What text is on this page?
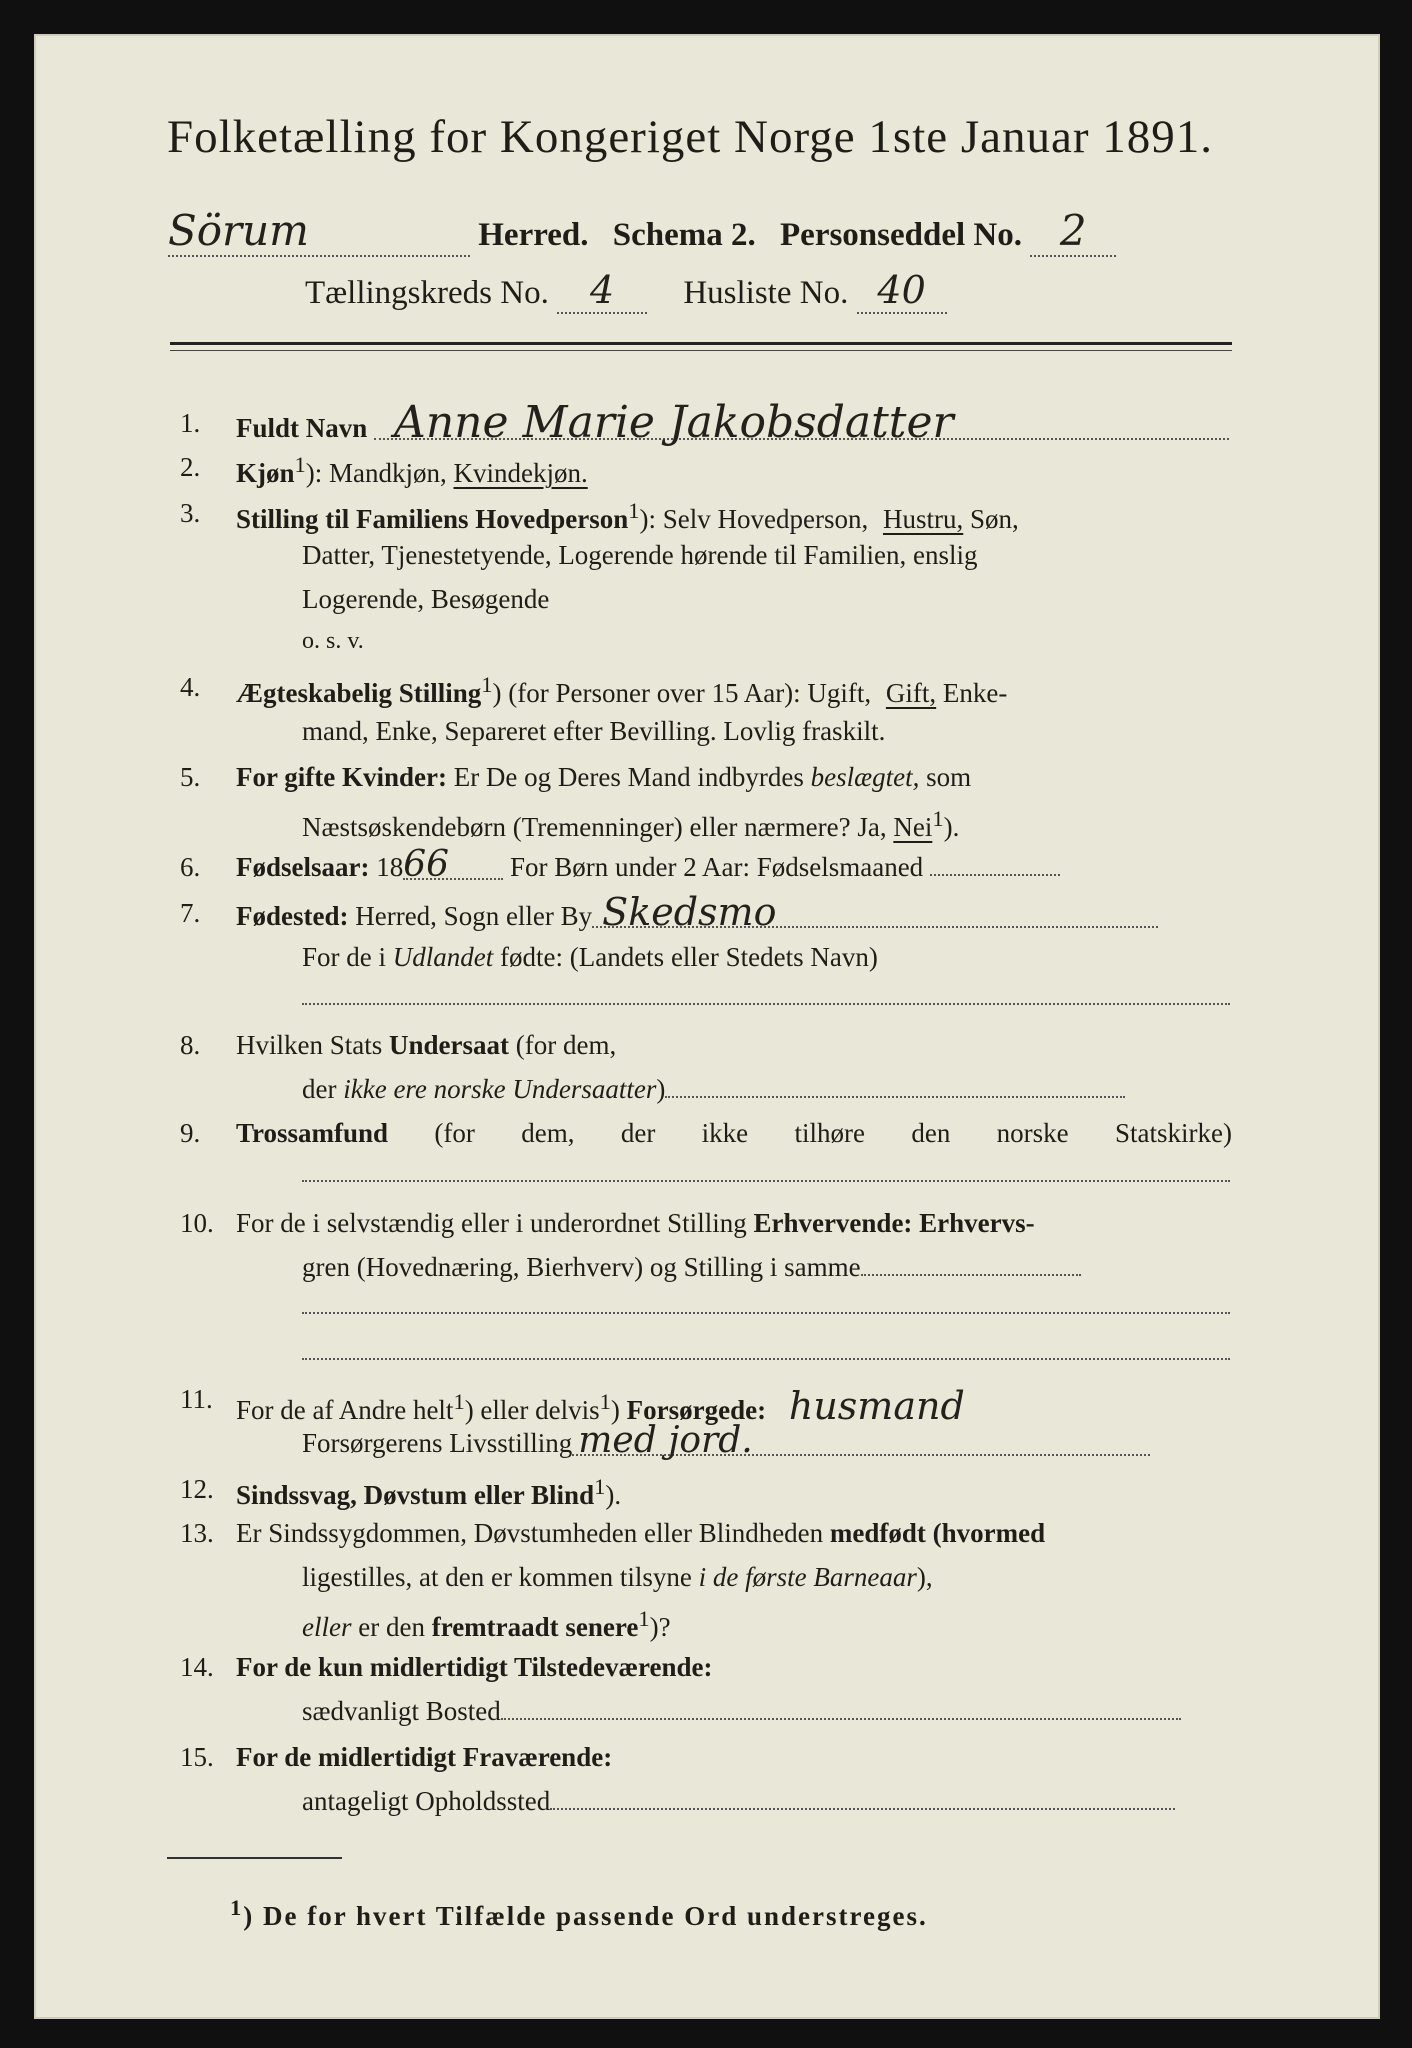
Folketælling for Kongeriget Norge 1ste Januar 1891.
Sörum	Herred. Schema 2. Personseddel No. 2
Tællingskreds No. 4 Husliste No. 40
1. Fuldt Navn Anne Marie Jakobsdatter
2. Kjøn$^1$): Mandkjøn, Kvindekjøn.
3. Stilling til Familiens Hovedperson$^1$): Selv Hovedperson, Hustru, Søn,
Datter, Tjenestetyende, Logerende hørende til Familien, enslig
Logerende, Besøgende
o. s. v.
4. Ægteskabelig Stilling$^1$) (for Personer over 15 Aar): Ugift, Gift, Enke-
mand, Enke, Separeret efter Bevilling. Lovlig fraskilt.
5. For gifte Kvinder: Er De og Deres Mand indbyrdes beslægtet, som
Næstsøskendebørn (Tremenninger) eller nærmere? Ja, Nei$^1$).
6. Fødselsaar: 1866 For Børn under 2 Aar: Fødselsmaaned
7. Fødested: Herred, Sogn eller By Skedsmo
For de i Udlandet fødte: (Landets eller Stedets Navn)
8. Hvilken Stats Undersaat (for dem,
der ikke ere norske Undersaatter)
9. Trossamfund (for dem, der ikke tilhøre den norske Statskirke)
10. For de i selvstændig eller i underordnet Stilling Erhvervende: Erhvervs-
gren (Hovednæring, Bierhverv) og Stilling i samme
11. For de af Andre helt$^1$) eller delvis$^1$) Forsørgede: husmand
Forsørgerens Livsstilling med jord.
12. Sindssvag, Døvstum eller Blind$^1$).
13. Er Sindssygdommen, Døvstumheden eller Blindheden medfødt (hvormed
ligestilles, at den er kommen tilsyne i de første Barneaar),
eller er den fremtraadt senere$^1$)?
14. For de kun midlertidigt Tilstedeværende:
sædvanligt Bosted
15. For de midlertidigt Fraværende:
antageligt Opholdssted
$^1$) De for hvert Tilfælde passende Ord understreges.
